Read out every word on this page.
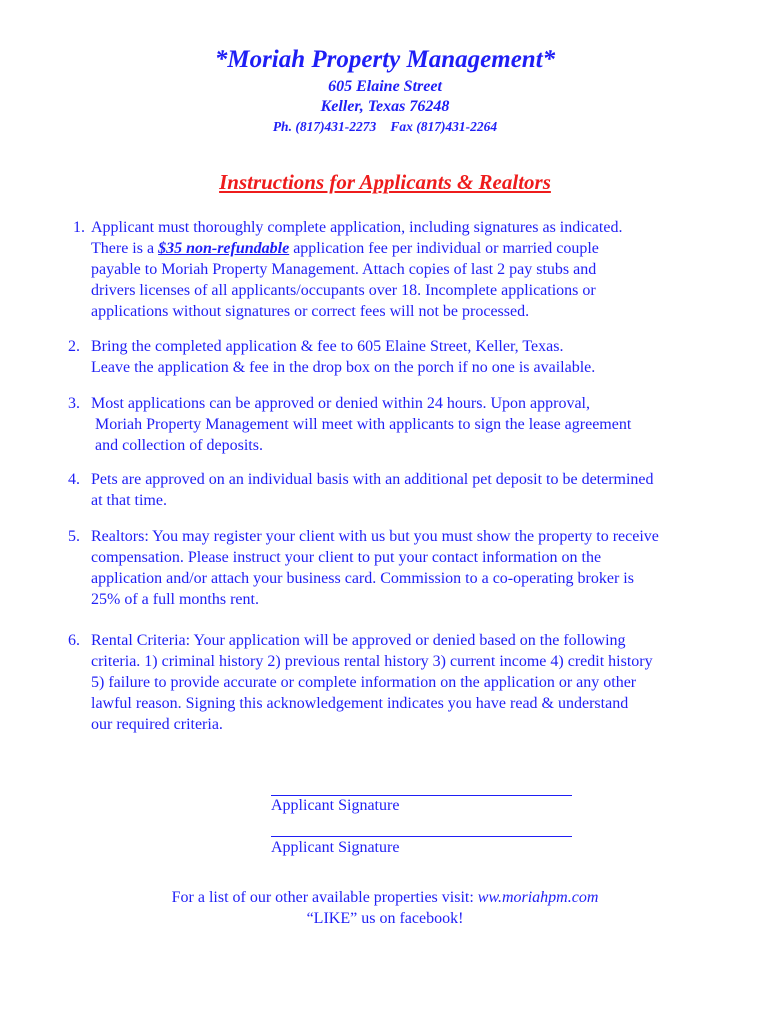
*Moriah Property Management*
605 Elaine Street
Keller, Texas 76248
Ph. (817)431-2273 Fax (817)431-2264
Instructions for Applicants & Realtors
1. Applicant must thoroughly complete application, including signatures as indicated.
There is a $35 non-refundable application fee per individual or married couple
payable to Moriah Property Management. Attach copies of last 2 pay stubs and
drivers licenses of all applicants/occupants over 18. Incomplete applications or
applications without signatures or correct fees will not be processed.
2. Bring the completed application & fee to 605 Elaine Street, Keller, Texas.
Leave the application & fee in the drop box on the porch if no one is available.
3. Most applications can be approved or denied within 24 hours. Upon approval,
Moriah Property Management will meet with applicants to sign the lease agreement
and collection of deposits.
4. Pets are approved on an individual basis with an additional pet deposit to be determined
at that time.
5. Realtors: You may register your client with us but you must show the property to receive
compensation. Please instruct your client to put your contact information on the
application and/or attach your business card. Commission to a co-operating broker is
25% of a full months rent.
6. Rental Criteria: Your application will be approved or denied based on the following
criteria. 1) criminal history 2) previous rental history 3) current income 4) credit history
5) failure to provide accurate or complete information on the application or any other
lawful reason. Signing this acknowledgement indicates you have read & understand
our required criteria.
Applicant Signature
Applicant Signature
For a list of our other available properties visit: ww.moriahpm.com
“LIKE” us on facebook!
